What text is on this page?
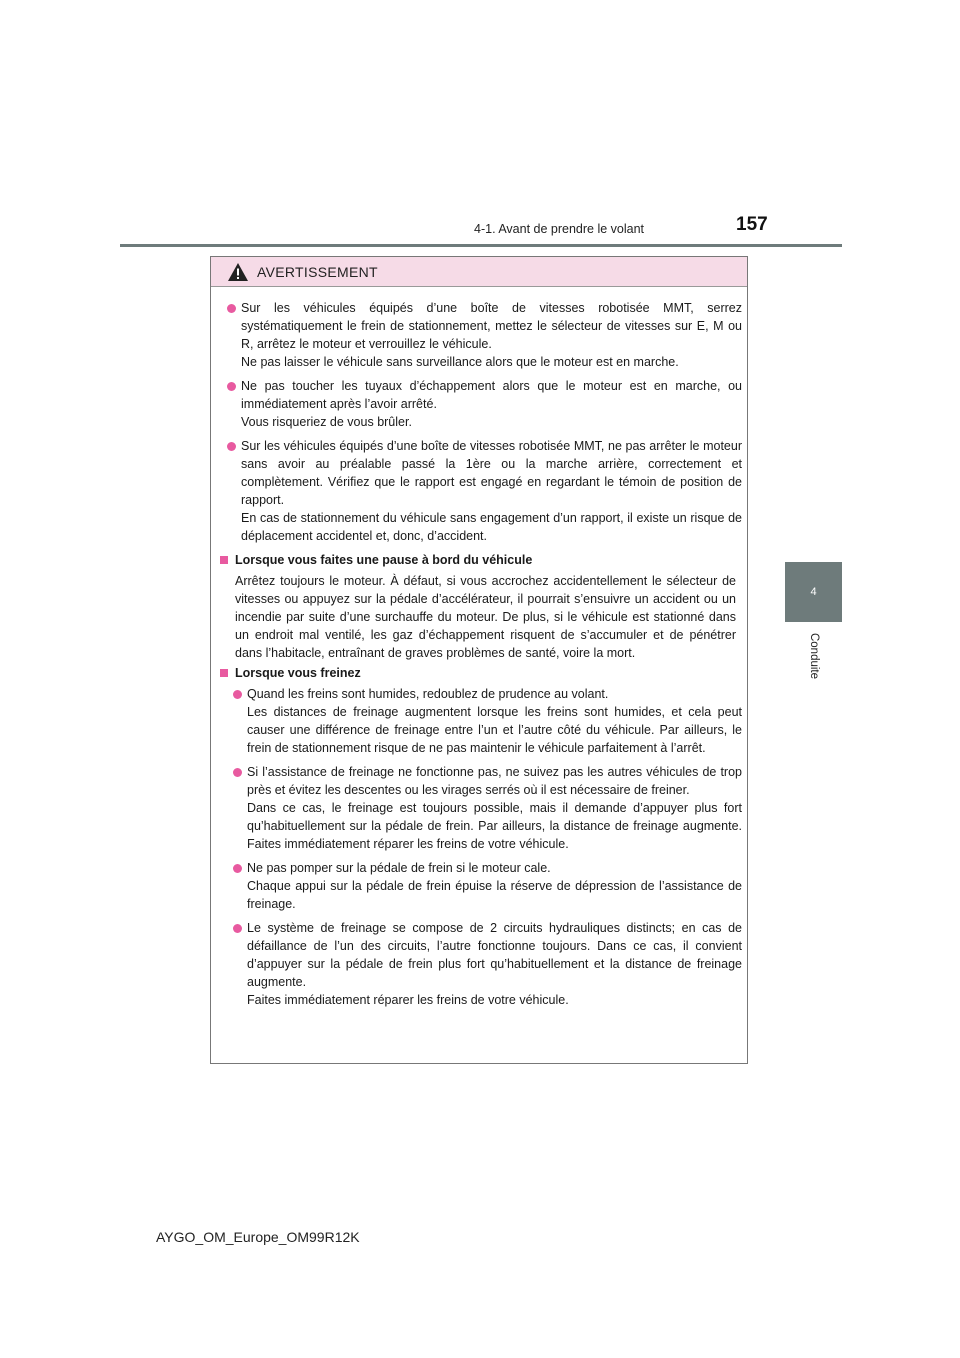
4-1. Avant de prendre le volant	157
4
Conduite
AVERTISSEMENT

Sur les véhicules équipés d’une boîte de vitesses robotisée MMT, serrez systématiquement le frein de stationnement, mettez le sélecteur de vitesses sur E, M ou R, arrêtez le moteur et verrouillez le véhicule.

Ne pas laisser le véhicule sans surveillance alors que le moteur est en marche.

Ne pas toucher les tuyaux d’échappement alors que le moteur est en marche, ou immédiatement après l’avoir arrêté.

Vous risqueriez de vous brûler.

Sur les véhicules équipés d’une boîte de vitesses robotisée MMT, ne pas arrêter le moteur sans avoir au préalable passé la 1ère ou la marche arrière, correctement et complètement. Vérifiez que le rapport est engagé en regardant le témoin de position de rapport.

En cas de stationnement du véhicule sans engagement d’un rapport, il existe un risque de déplacement accidentel et, donc, d’accident.

Lorsque vous faites une pause à bord du véhicule

Arrêtez toujours le moteur. À défaut, si vous accrochez accidentellement le sélecteur de vitesses ou appuyez sur la pédale d’accélérateur, il pourrait s’ensuivre un accident ou un incendie par suite d’une surchauffe du moteur. De plus, si le véhicule est stationné dans un endroit mal ventilé, les gaz d’échappement risquent de s’accumuler et de pénétrer dans l’habitacle, entraînant de graves problèmes de santé, voire la mort.

Lorsque vous freinez

Quand les freins sont humides, redoublez de prudence au volant.

Les distances de freinage augmentent lorsque les freins sont humides, et cela peut causer une différence de freinage entre l’un et l’autre côté du véhicule. Par ailleurs, le frein de stationnement risque de ne pas maintenir le véhicule parfaitement à l’arrêt.

Si l’assistance de freinage ne fonctionne pas, ne suivez pas les autres véhicules de trop près et évitez les descentes ou les virages serrés où il est nécessaire de freiner.

Dans ce cas, le freinage est toujours possible, mais il demande d’appuyer plus fort qu’habituellement sur la pédale de frein. Par ailleurs, la distance de freinage augmente. Faites immédiatement réparer les freins de votre véhicule.

Ne pas pomper sur la pédale de frein si le moteur cale.

Chaque appui sur la pédale de frein épuise la réserve de dépression de l’assistance de freinage.

Le système de freinage se compose de 2 circuits hydrauliques distincts; en cas de défaillance de l’un des circuits, l’autre fonctionne toujours. Dans ce cas, il convient d’appuyer sur la pédale de frein plus fort qu’habituellement et la distance de freinage augmente.

Faites immédiatement réparer les freins de votre véhicule.

AYGO_OM_Europe_OM99R12K
